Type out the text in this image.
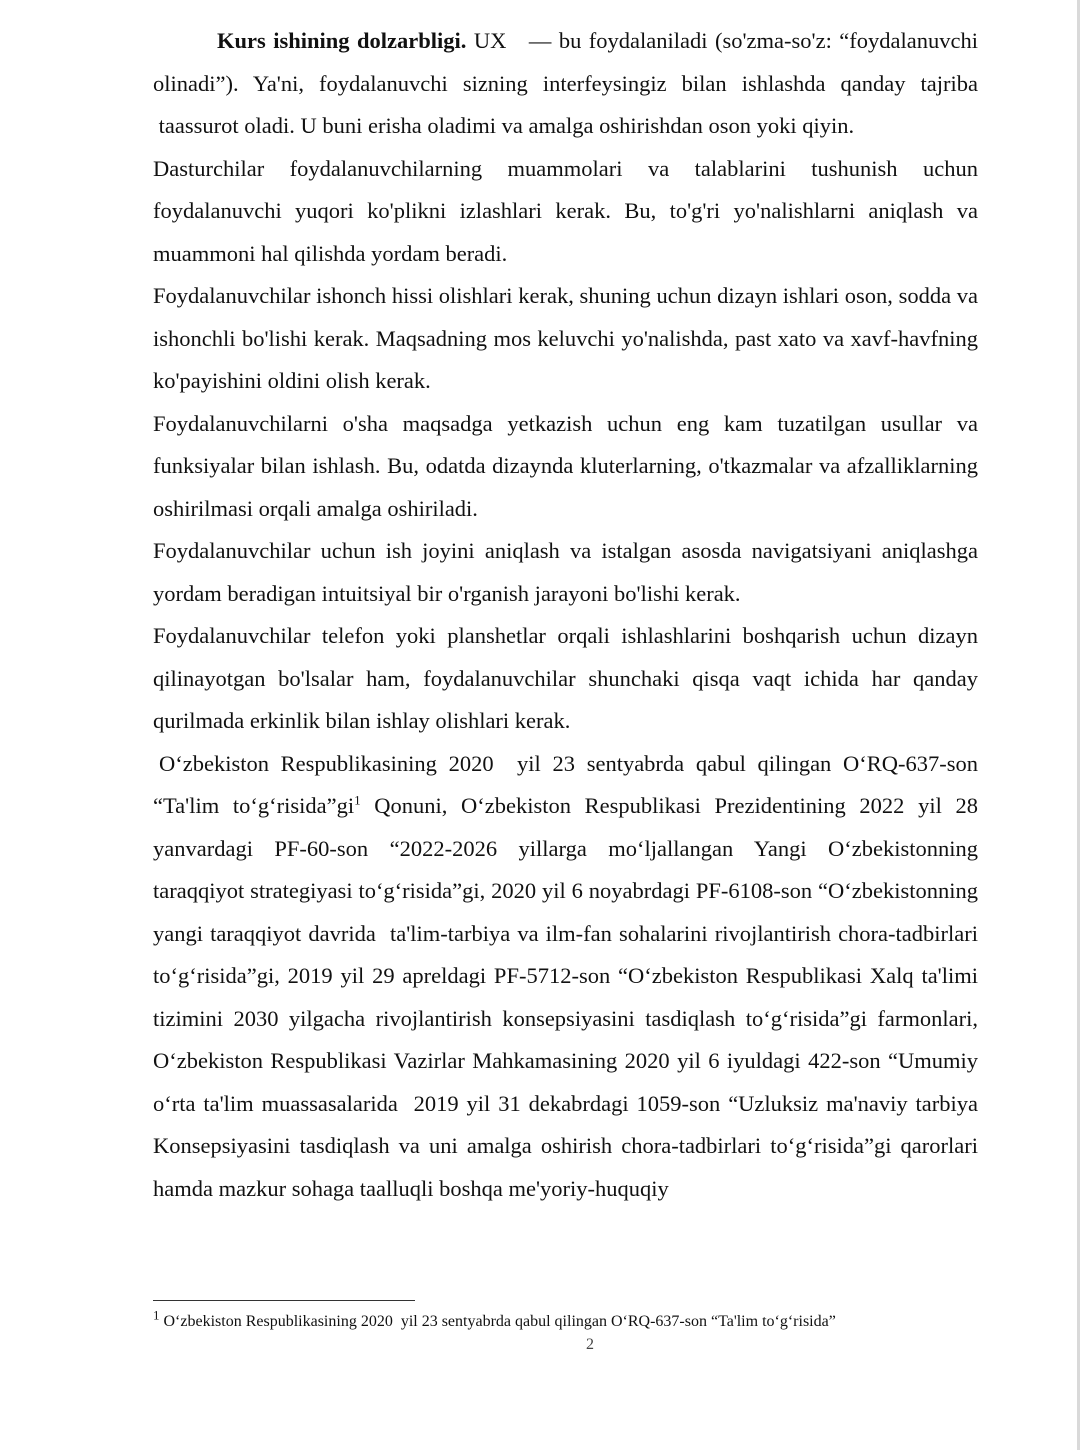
Kurs ishining dolzarbligi. UX   — bu foydalaniladi (so'zma-so'z: “foydalanuvchi olinadi”). Ya'ni, foydalanuvchi sizning interfeysingiz bilan ishlashda qanday tajriba  taassurot oladi. U buni erisha oladimi va amalga oshirishdan oson yoki qiyin.

Dasturchilar foydalanuvchilarning muammolari va talablarini tushunish uchun foydalanuvchi yuqori ko'plikni izlashlari kerak. Bu, to'g'ri yo'nalishlarni aniqlash va muammoni hal qilishda yordam beradi.

Foydalanuvchilar ishonch hissi olishlari kerak, shuning uchun dizayn ishlari oson, sodda va ishonchli bo'lishi kerak. Maqsadning mos keluvchi yo'nalishda, past xato va xavf-havfning ko'payishini oldini olish kerak.

Foydalanuvchilarni o'sha maqsadga yetkazish uchun eng kam tuzatilgan usullar va funksiyalar bilan ishlash. Bu, odatda dizaynda kluterlarning, o'tkazmalar va afzalliklarning oshirilmasi orqali amalga oshiriladi.

Foydalanuvchilar uchun ish joyini aniqlash va istalgan asosda navigatsiyani aniqlashga yordam beradigan intuitsiyal bir o'rganish jarayoni bo'lishi kerak.

Foydalanuvchilar telefon yoki planshetlar orqali ishlashlarini boshqarish uchun dizayn qilinayotgan bo'lsalar ham, foydalanuvchilar shunchaki qisqa vaqt ichida har qanday qurilmada erkinlik bilan ishlay olishlari kerak.

O‘zbekiston Respublikasining 2020  yil 23 sentyabrda qabul qilingan O‘RQ-637-son “Ta'lim $to‘g‘risida”gi^1$ Qonuni, O‘zbekiston Respublikasi Prezidentining 2022 yil 28 yanvardagi PF-60-son “2022-2026 yillarga mo‘ljallangan Yangi O‘zbekistonning taraqqiyot strategiyasi to‘g‘risida”gi, 2020 yil 6 noyabrdagi PF-6108-son “O‘zbekistonning yangi taraqqiyot davrida  ta'lim-tarbiya va ilm-fan sohalarini rivojlantirish chora-tadbirlari to‘g‘risida”gi, 2019 yil 29 apreldagi PF-5712-son “O‘zbekiston Respublikasi Xalq ta'limi tizimini 2030 yilgacha rivojlantirish konsepsiyasini tasdiqlash to‘g‘risida”gi farmonlari, O‘zbekiston Respublikasi Vazirlar Mahkamasining 2020 yil 6 iyuldagi 422-son “Umumiy o‘rta ta'lim muassasalarida  2019 yil 31 dekabrdagi 1059-son “Uzluksiz ma'naviy tarbiya Konsepsiyasini tasdiqlash va uni amalga oshirish chora-tadbirlari to‘g‘risida”gi qarorlari hamda mazkur sohaga taalluqli boshqa me'yoriy-huquqiy

$^1$ O‘zbekiston Respublikasining 2020  yil 23 sentyabrda qabul qilingan O‘RQ-637-son “Ta'lim to‘g‘risida”

2
